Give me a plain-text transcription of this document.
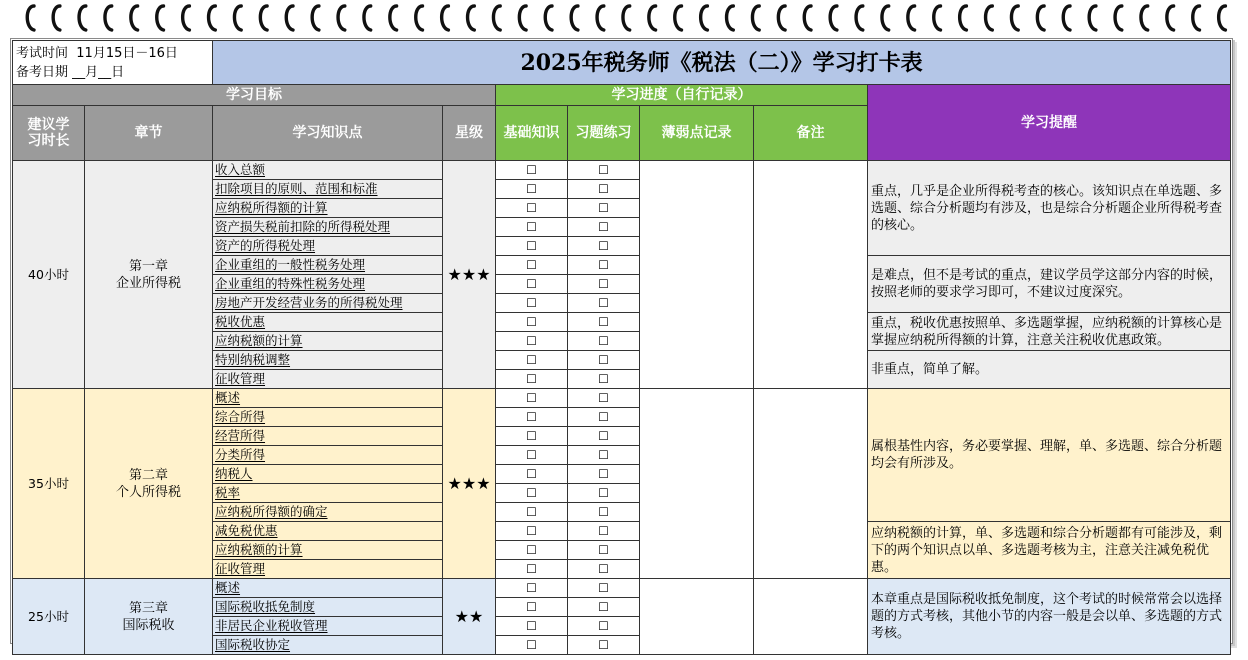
考试时间 11月15日－16日
备考日期 __月__日		2025年税务师《税法（二）》学习打卡表						
学习目标				学习进度（自行记录）				学习提醒
建议学习时长	章节	学习知识点	星级	基础知识	习题练习	薄弱点记录	备注	
40小时	第一章
企业所得税	收入总额	★★★	☐	☐			重点，几乎是企业所得税考查的核心。该知识点在单选题、多选题、综合分析题均有涉及，也是综合分析题企业所得税考查的核心。
		扣除项目的原则、范围和标准		☐	☐			
		应纳税所得额的计算		☐	☐			
		资产损失税前扣除的所得税处理		☐	☐			
		资产的所得税处理		☐	☐			
		企业重组的一般性税务处理		☐	☐			是难点，但不是考试的重点，建议学员学这部分内容的时候，按照老师的要求学习即可，不建议过度深究。
		企业重组的特殊性税务处理		☐	☐			
		房地产开发经营业务的所得税处理		☐	☐			
		税收优惠		☐	☐			重点，税收优惠按照单、多选题掌握，应纳税额的计算核心是掌握应纳税所得额的计算，注意关注税收优惠政策。
		应纳税额的计算		☐	☐			
		特别纳税调整		☐	☐			非重点，简单了解。
		征收管理		☐	☐			
35小时	第二章
个人所得税	概述	★★★	☐	☐			属根基性内容，务必要掌握、理解，单、多选题、综合分析题均会有所涉及。
		综合所得		☐	☐			
		经营所得		☐	☐			
		分类所得		☐	☐			
		纳税人		☐	☐			
		税率		☐	☐			
		应纳税所得额的确定		☐	☐			
		减免税优惠		☐	☐			应纳税额的计算，单、多选题和综合分析题都有可能涉及，剩下的两个知识点以单、多选题考核为主，注意关注减免税优惠。
		应纳税额的计算		☐	☐			
		征收管理		☐	☐			
25小时	第三章
国际税收	概述	★★	☐	☐			本章重点是国际税收抵免制度，这个考试的时候常常会以选择题的方式考核，其他小节的内容一般是会以单、多选题的方式考核。
		国际税收抵免制度		☐	☐			
		非居民企业税收管理		☐	☐			
		国际税收协定		☐	☐			
